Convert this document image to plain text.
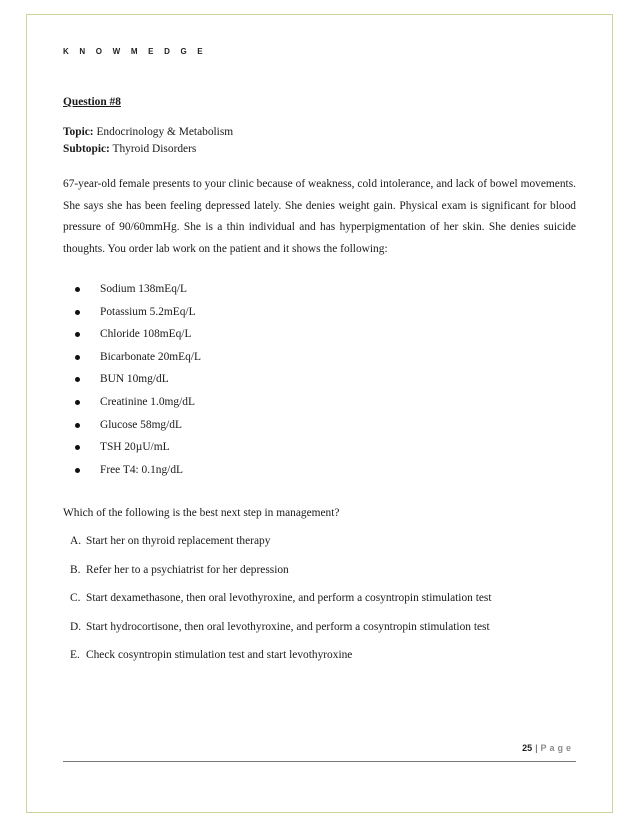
K N O W M E D G E

Question #8

Topic: Endocrinology & Metabolism

Subtopic: Thyroid Disorders

67-year-old female presents to your clinic because of weakness, cold intolerance, and lack of bowel movements. She says she has been feeling depressed lately. She denies weight gain. Physical exam is significant for blood pressure of 90/60mmHg. She is a thin individual and has hyperpigmentation of her skin. She denies suicide thoughts. You order lab work on the patient and it shows the following:

Sodium 138mEq/L
Potassium 5.2mEq/L
Chloride 108mEq/L
Bicarbonate 20mEq/L
BUN 10mg/dL
Creatinine 1.0mg/dL
Glucose 58mg/dL
TSH 20µU/mL
Free T4: 0.1ng/dL

Which of the following is the best next step in management?

A. Start her on thyroid replacement therapy
B. Refer her to a psychiatrist for her depression
C. Start dexamethasone, then oral levothyroxine, and perform a cosyntropin stimulation test
D. Start hydrocortisone, then oral levothyroxine, and perform a cosyntropin stimulation test
E. Check cosyntropin stimulation test and start levothyroxine
25 | Page
